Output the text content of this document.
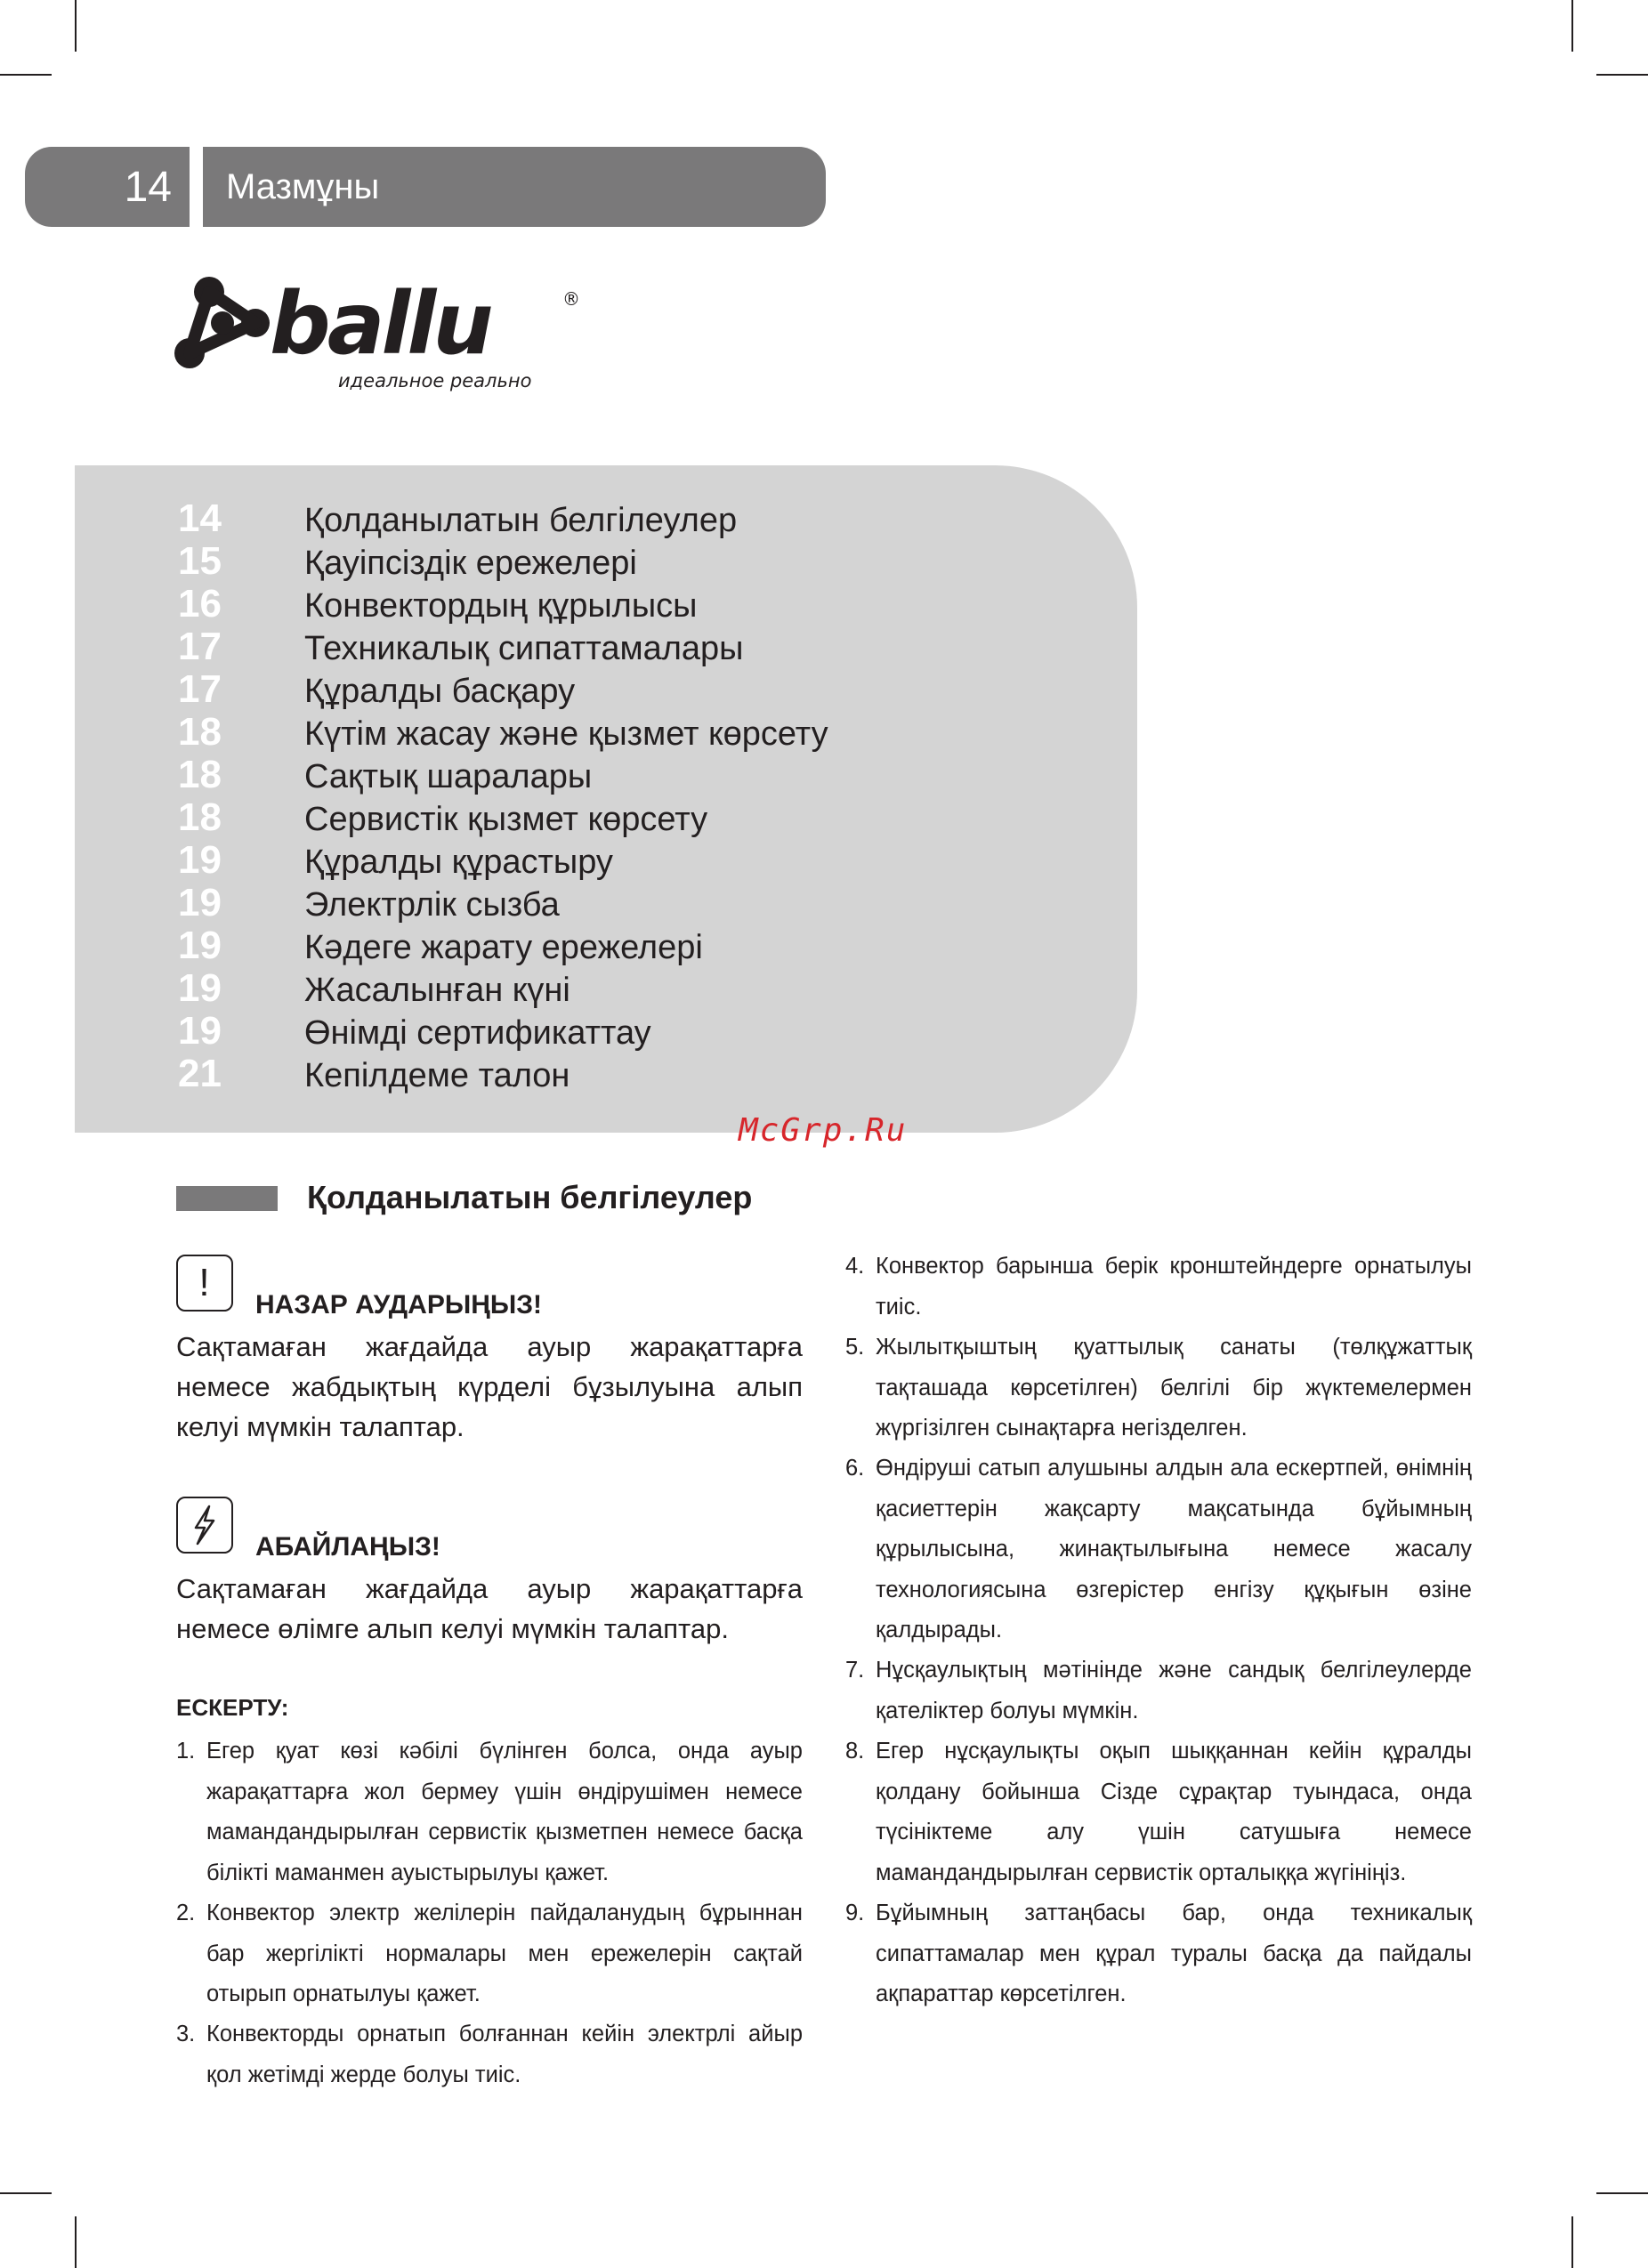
14	Мазмұны
ballu	®
идеальное реально
14 Қолданылатын белгілеулер
15 Қауіпсіздік ережелері
16 Конвектордың құрылысы
17 Техникалық сипаттамалары
17 Құралды басқару
18 Күтім жасау және қызмет көрсету
18 Сақтық шаралары
18 Сервистік қызмет көрсету
19 Құралды құрастыру
19 Электрлік сызба
19 Кәдеге жарату ережелері
19 Жасалынған күні
19 Өнімді сертификаттау
21 Кепілдеме талон
McGrp.Ru
Қолданылатын белгілеулер
!
НАЗАР АУДАРЫҢЫЗ!

Сақтамаған жағдайда ауыр жарақаттарға немесе жабдықтың күрделі бұзылуына алып келуі мүмкін талаптар.

АБАЙЛАҢЫЗ!

Сақтамаған жағдайда ауыр жарақаттарға немесе өлімге алып келуі мүмкін талаптар.

ЕСКЕРТУ:

1. Егер қуат көзі кәбілі бүлінген болса, онда ауыр жарақаттарға жол бермеу үшін өндірушімен немесе мамандандырылған сервистік қызметпен немесе басқа білікті маманмен ауыстырылуы қажет.

2. Конвектор электр желілерін пайдаланудың бұрыннан бар жергілікті нормалары мен ережелерін сақтай отырып орнатылуы қажет.

3. Конвекторды орнатып болғаннан кейін электрлі айыр қол жетімді жерде болуы тиіс.

4. Конвектор барынша берік кронштейндерге орнатылуы тиіс.

5. Жылытқыштың қуаттылық санаты (төлқұжаттық тақташада көрсетілген) белгілі бір жүктемелермен жүргізілген сынақтарға негізделген.

6. Өндіруші сатып алушыны алдын ала ескертпей, өнімнің қасиеттерін жақсарту мақсатында бұйымның құрылысына, жинақтылығына немесе жасалу технологиясына өзгерістер енгізу құқығын өзіне қалдырады.

7. Нұсқаулықтың мәтінінде және сандық белгілеулерде қателіктер болуы мүмкін.

8. Егер нұсқаулықты оқып шыққаннан кейін құралды қолдану бойынша Сізде сұрақтар туындаса, онда түсініктеме алу үшін сатушыға немесе мамандандырылған сервистік орталыққа жүгініңіз.

9. Бұйымның заттаңбасы бар, онда техникалық сипаттамалар мен құрал туралы басқа да пайдалы ақпараттар көрсетілген.
